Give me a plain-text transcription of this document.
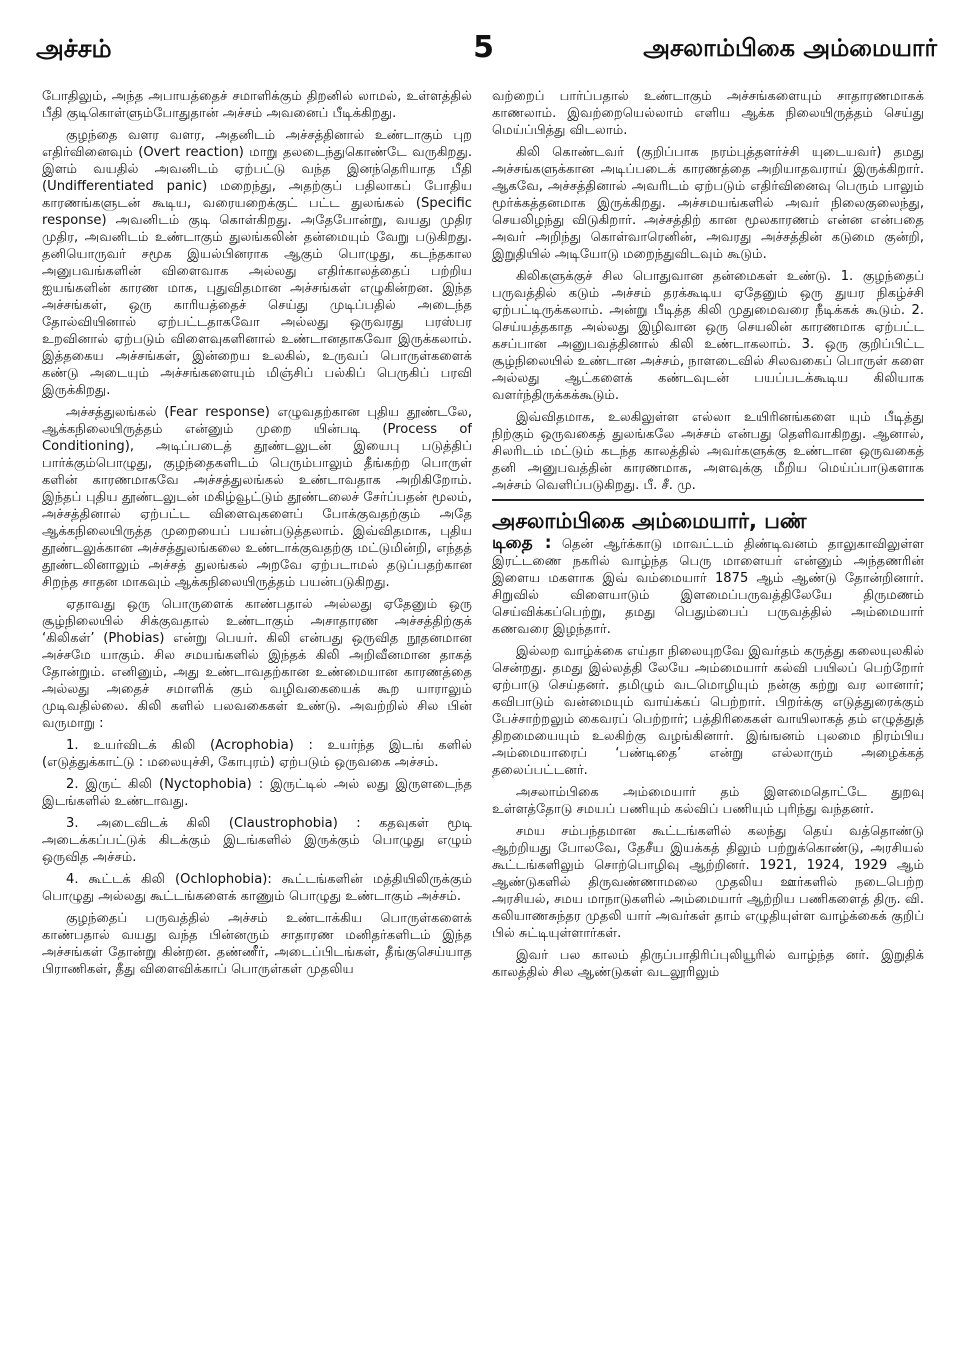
அச்சம்	5	அசலாம்பிகை அம்மையார்

போதிலும், அந்த அபாயத்தைச் சமாளிக்கும் திறனில் லாமல், உள்ளத்தில் பீதி குடிகொள்ளும்போதுதான் அச்சம் அவனைப் பீடிக்கிறது.

குழந்தை வளர வளர, அதனிடம் அச்சத்தினால் உண்டாகும் புற எதிர்வினைவும் (Overt reaction) மாறு தலடைந்துகொண்டே வருகிறது. இளம் வயதில் அவனிடம் ஏற்பட்டு வந்த இனந்தெரியாத பீதி (Undifferentiated panic) மறைந்து, அதற்குப் பதிலாகப் போதிய காரணங்களுடன் கூடிய, வரையறைக்குட் பட்ட துலங்கல் (Specific response) அவனிடம் குடி கொள்கிறது. அதேபோன்று, வயது முதிர முதிர, அவனிடம் உண்டாகும் துலங்கலின் தன்மையும் வேறு படுகிறது. தனியொருவர் சமூக இயல்பினராக ஆகும் பொழுது, கடந்தகால அனுபவங்களின் விளைவாக அல்லது எதிர்காலத்தைப் பற்றிய ஐயங்களின் காரண மாக, புதுவிதமான அச்சங்கள் எழுகின்றன. இந்த அச்சங்கள், ஒரு காரியத்தைச் செய்து முடிப்பதில் அடைந்த தோல்வியினால் ஏற்பட்டதாகவோ அல்லது ஒருவரது பரஸ்பர உறவினால் ஏற்படும் விளைவுகளினால் உண்டானதாகவோ இருக்கலாம். இத்தகைய அச்சங்கள், இன்றைய உலகில், உருவப் பொருள்களைக் கண்டு அடையும் அச்சங்களையும் மிஞ்சிப் பல்கிப் பெருகிப் பரவி இருக்கிறது.

அச்சத்துலங்கல் (Fear response) எழுவதற்கான புதிய தூண்டலே, ஆக்கநிலையிருத்தம் என்னும் முறை யின்படி (Process of Conditioning), அடிப்படைத் தூண்டலுடன் இயைபு படுத்திப் பார்க்கும்பொழுது, குழந்தைகளிடம் பெரும்பாலும் தீங்கற்ற பொருள் களின் காரணமாகவே அச்சத்துலங்கல் உண்டாவதாக அறிகிறோம். இந்தப் புதிய தூண்டலுடன் மகிழ்வூட்டும் தூண்டலைச் சேர்ப்பதன் மூலம், அச்சத்தினால் ஏற்பட்ட விளைவுகளைப் போக்குவதற்கும் அதே ஆக்கநிலையிருத்த முறையைப் பயன்படுத்தலாம். இவ்விதமாக, புதிய தூண்டலுக்கான அச்சத்துலங்கலை உண்டாக்குவதற்கு மட்டுமின்றி, எந்தத் தூண்டலினாலும் அச்சத் துலங்கல் அறவே ஏற்படாமல் தடுப்பதற்கான சிறந்த சாதன மாகவும் ஆக்கநிலையிருத்தம் பயன்படுகிறது.

ஏதாவது ஒரு பொருளைக் காண்பதால் அல்லது ஏதேனும் ஒரு சூழ்நிலையில் சிக்குவதால் உண்டாகும் அசாதாரண அச்சத்திற்குக் ‘கிலிகள்’ (Phobias) என்று பெயர். கிலி என்பது ஒருவித நூதனமான அச்சமே யாகும். சில சமயங்களில் இந்தக் கிலி அறிவீனமான தாகத் தோன்றும். எனினும், அது உண்டாவதற்கான உண்மையான காரணத்தை அல்லது அதைச் சமாளிக் கும் வழிவகையைக் கூற யாராலும் முடிவதில்லை. கிலி களில் பலவகைகள் உண்டு. அவற்றில் சில பின் வருமாறு :

1. உயர்விடக் கிலி (Acrophobia) : உயர்ந்த இடங் களில் (எடுத்துக்காட்டு : மலையுச்சி, கோபுரம்) ஏற்படும் ஒருவகை அச்சம்.

2. இருட் கிலி (Nyctophobia) : இருட்டில் அல் லது இருளடைந்த இடங்களில் உண்டாவது.

3. அடைவிடக் கிலி (Claustrophobia) : கதவுகள் மூடி அடைக்கப்பட்டுக் கிடக்கும் இடங்களில் இருக்கும் பொழுது எழும் ஒருவித அச்சம்.

4. கூட்டக் கிலி (Ochlophobia): கூட்டங்களின் மத்தியிலிருக்கும் பொழுது அல்லது கூட்டங்களைக் காணும் பொழுது உண்டாகும் அச்சம்.

குழந்தைப் பருவத்தில் அச்சம் உண்டாக்கிய பொருள்களைக் காண்பதால் வயது வந்த பின்னரும் சாதாரண மனிதர்களிடம் இந்த அச்சங்கள் தோன்று கின்றன. தண்ணீர், அடைப்பிடங்கள், தீங்குசெய்யாத பிராணிகள், தீது விளைவிக்காப் பொருள்கள் முதலிய

வற்றைப் பார்ப்பதால் உண்டாகும் அச்சங்களையும் சாதாரணமாகக் காணலாம். இவற்றையெல்லாம் எளிய ஆக்க நிலையிருத்தம் செய்து மெய்ப்பித்து விடலாம்.

கிலி கொண்டவர் (குறிப்பாக நரம்புத்தளர்ச்சி யுடையவர்) தமது அச்சங்களுக்கான அடிப்படைக் காரணத்தை அறியாதவராய் இருக்கிறார். ஆகவே, அச்சத்தினால் அவரிடம் ஏற்படும் எதிர்வினைவு பெரும் பாலும் மூர்க்கத்தனமாக இருக்கிறது. அச்சமயங்களில் அவர் நிலைகுலைந்து, செயலிழந்து விடுகிறார். அச்சத்திற் கான மூலகாரணம் என்ன என்பதை அவர் அறிந்து கொள்வாரெனின், அவரது அச்சத்தின் கடுமை குன்றி, இறுதியில் அடியோடு மறைந்துவிடவும் கூடும்.

கிலிகளுக்குச் சில பொதுவான தன்மைகள் உண்டு. 1. குழந்தைப் பருவத்தில் கடும் அச்சம் தரக்கூடிய ஏதேனும் ஒரு துயர நிகழ்ச்சி ஏற்பட்டிருக்கலாம். அன்று பீடித்த கிலி முதுமைவரை நீடிக்கக் கூடும். 2. செய்யத்தகாத அல்லது இழிவான ஒரு செயலின் காரணமாக ஏற்பட்ட கசப்பான அனுபவத்தினால் கிலி உண்டாகலாம். 3. ஒரு குறிப்பிட்ட சூழ்நிலையில் உண்டான அச்சம், நாளடைவில் சிலவகைப் பொருள் களை அல்லது ஆட்களைக் கண்டவுடன் பயப்படக்கூடிய கிலியாக வளர்ந்திருக்கக்கூடும்.

இவ்விதமாக, உலகிலுள்ள எல்லா உயிரினங்களை யும் பீடித்து நிற்கும் ஒருவகைத் துலங்கலே அச்சம் என்பது தெளிவாகிறது. ஆனால், சிலரிடம் மட்டும் கடந்த காலத்தில் அவர்களுக்கு உண்டான ஒருவகைத் தனி அனுபவத்தின் காரணமாக, அளவுக்கு மீறிய மெய்ப்பாடுகளாக அச்சம் வெளிப்படுகிறது. பீ. சீ. மு.

அசலாம்பிகை அம்மையார், பண்

டிதை : தென் ஆர்க்காடு மாவட்டம் திண்டிவனம் தாலுகாவிலுள்ள இரட்டணை நகரில் வாழ்ந்த பெரு மாளையர் என்னும் அந்தணரின் இளைய மகளாக இவ் வம்மையார் 1875 ஆம் ஆண்டு தோன்றினார். சிறுவில் விளையாடும் இளமைப்பருவத்திலேயே திருமணம் செய்விக்கப்பெற்று, தமது பெதும்பைப் பருவத்தில் அம்மையார் கணவரை இழந்தார்.

இல்லற வாழ்க்கை எய்தா நிலையுறவே இவர்தம் கருத்து கலையுலகில் சென்றது. தமது இல்லத்தி லேயே அம்மையார் கல்வி பயிலப் பெற்றோர் ஏற்பாடு செய்தனர். தமிழும் வடமொழியும் நன்கு கற்று வர லானார்; கவிபாடும் வன்மையும் வாய்க்கப் பெற்றார். பிறர்க்கு எடுத்துரைக்கும் பேச்சாற்றலும் கைவரப் பெற்றார்; பத்திரிகைகள் வாயிலாகத் தம் எழுத்துத் திறமையையும் உலகிற்கு வழங்கினார். இங்ஙனம் புலமை நிரம்பிய அம்மையாரைப் ‘பண்டிதை’ என்று எல்லாரும் அழைக்கத் தலைப்பட்டனர்.

அசலாம்பிகை அம்மையார் தம் இளமைதொட்டே துறவு உள்ளத்தோடு சமயப் பணியும் கல்விப் பணியும் புரிந்து வந்தனர்.

சமய சம்பந்தமான கூட்டங்களில் கலந்து தெய் வத்தொண்டு ஆற்றியது போலவே, தேசீய இயக்கத் திலும் பற்றுக்கொண்டு, அரசியல் கூட்டங்களிலும் சொற்பொழிவு ஆற்றினர். 1921, 1924, 1929 ஆம் ஆண்டுகளில் திருவண்ணாமலை முதலிய ஊர்களில் நடைபெற்ற அரசியல், சமய மாநாடுகளில் அம்மையார் ஆற்றிய பணிகளைத் திரு. வி. கலியாணசுந்தர முதலி யார் அவர்கள் தாம் எழுதியுள்ள வாழ்க்கைக் குறிப் பில் சுட்டியுள்ளார்கள்.

இவர் பல காலம் திருப்பாதிரிப்புலியூரில் வாழ்ந்த னர். இறுதிக் காலத்தில் சில ஆண்டுகள் வடலூரிலும்
